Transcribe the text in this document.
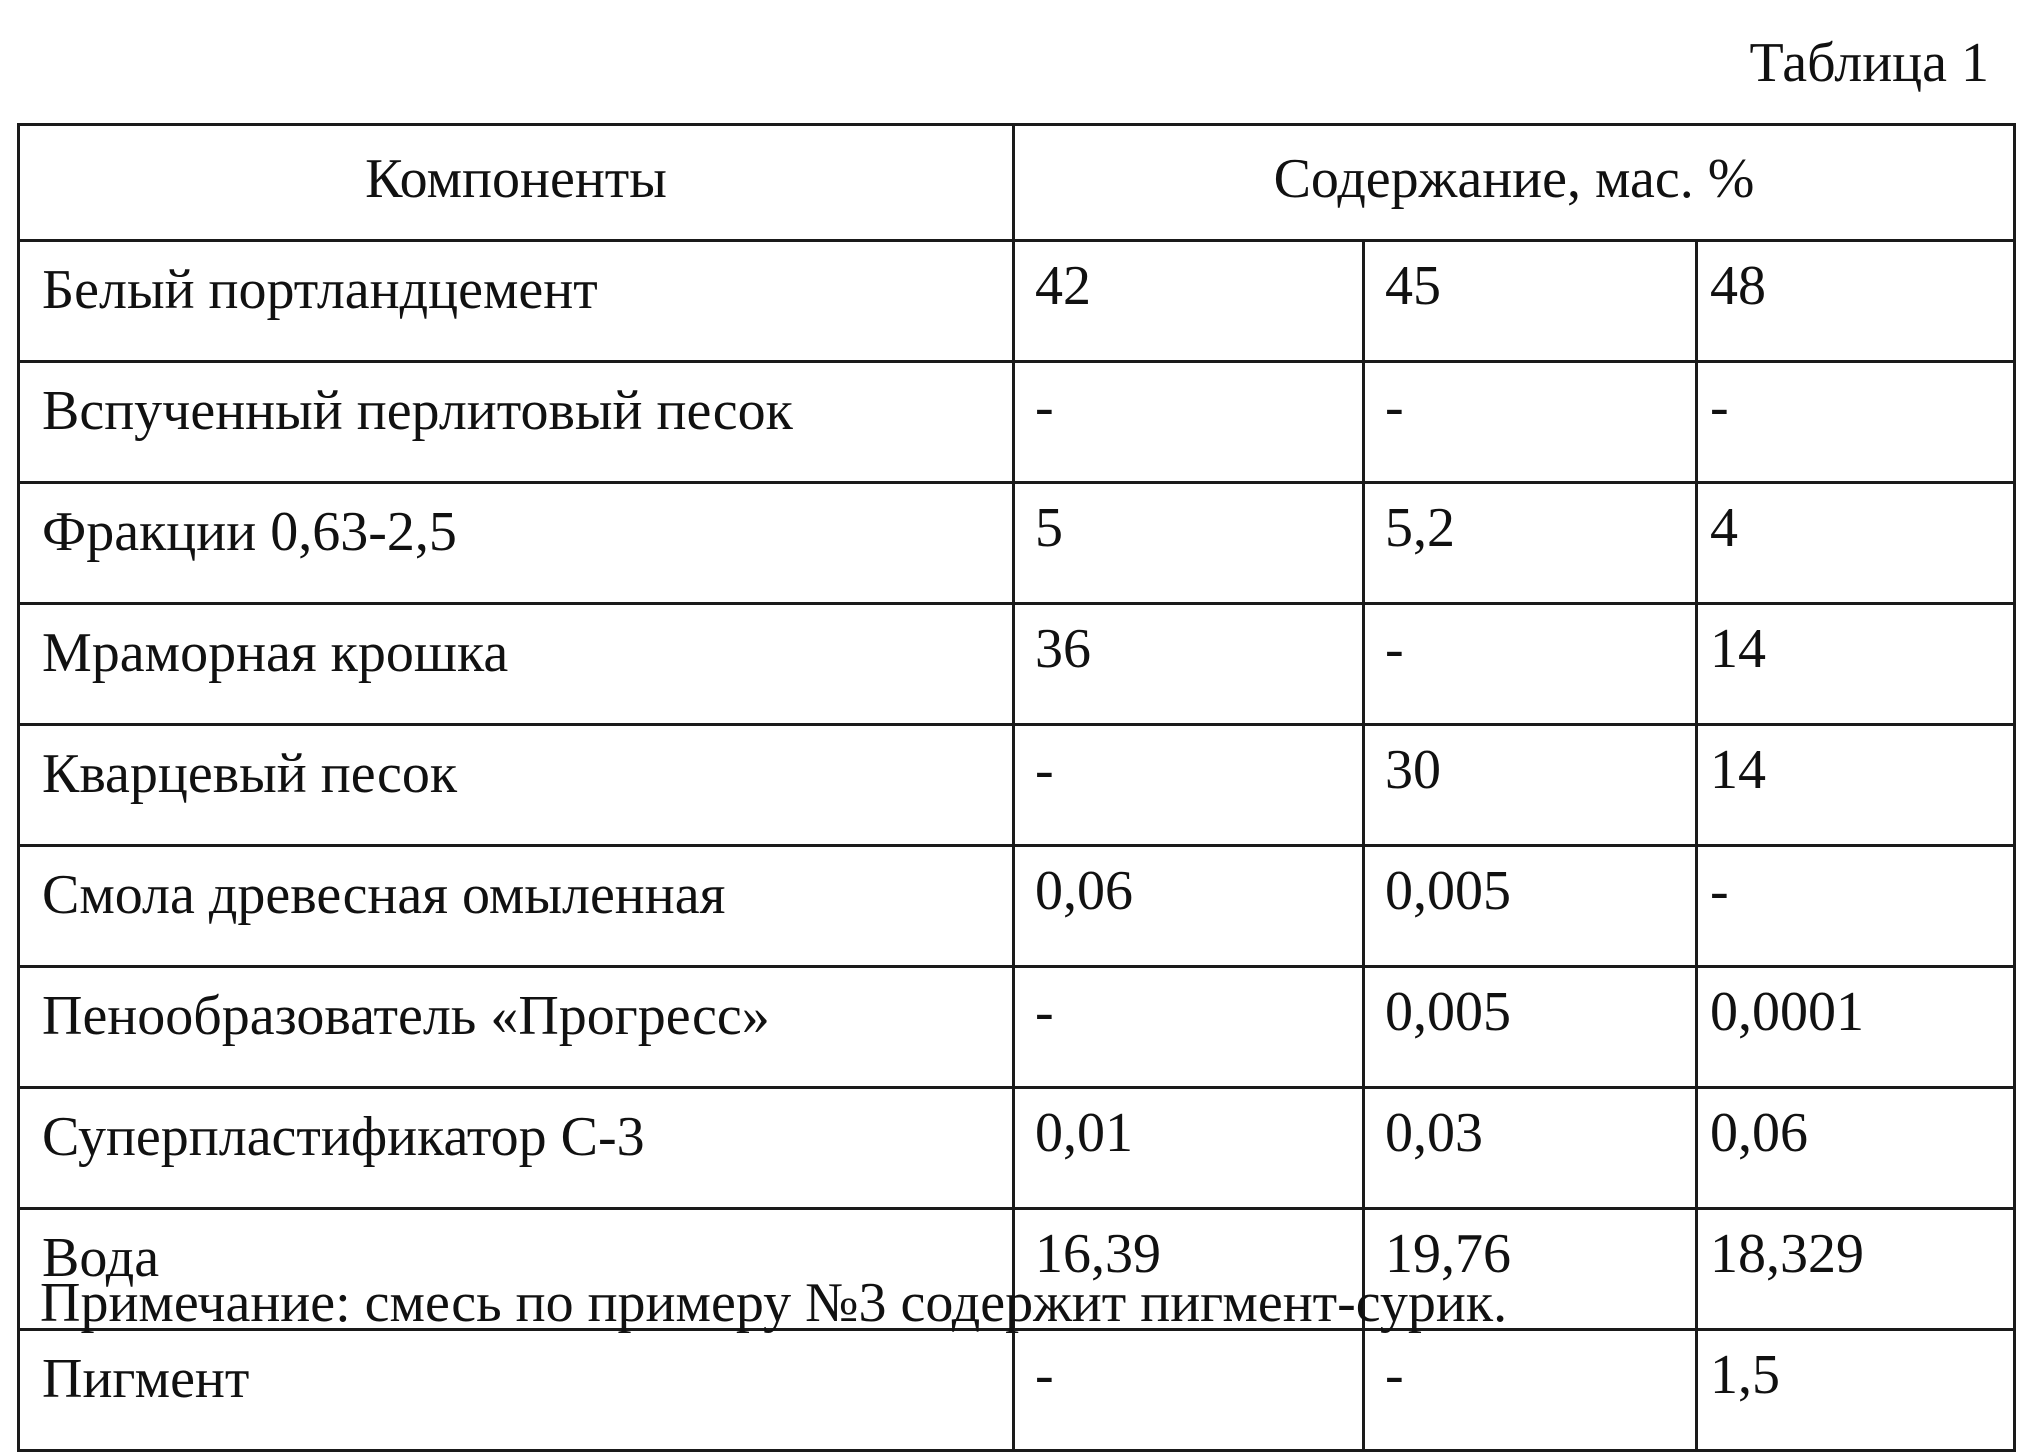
Таблица 1

Компоненты	Содержание, мас. %		
Белый портландцемент	42	45	48
Вспученный перлитовый песок	-	-	-
Фракции 0,63-2,5	5	5,2	4
Мраморная крошка	36	-	14
Кварцевый песок	-	30	14
Смола древесная омыленная	0,06	0,005	-
Пенообразователь «Прогресс»	-	0,005	0,0001
Суперпластификатор С-3	0,01	0,03	0,06
Вода	16,39	19,76	18,329
Пигмент	-	-	1,5

Примечание: смесь по примеру №3 содержит пигмент-сурик.
